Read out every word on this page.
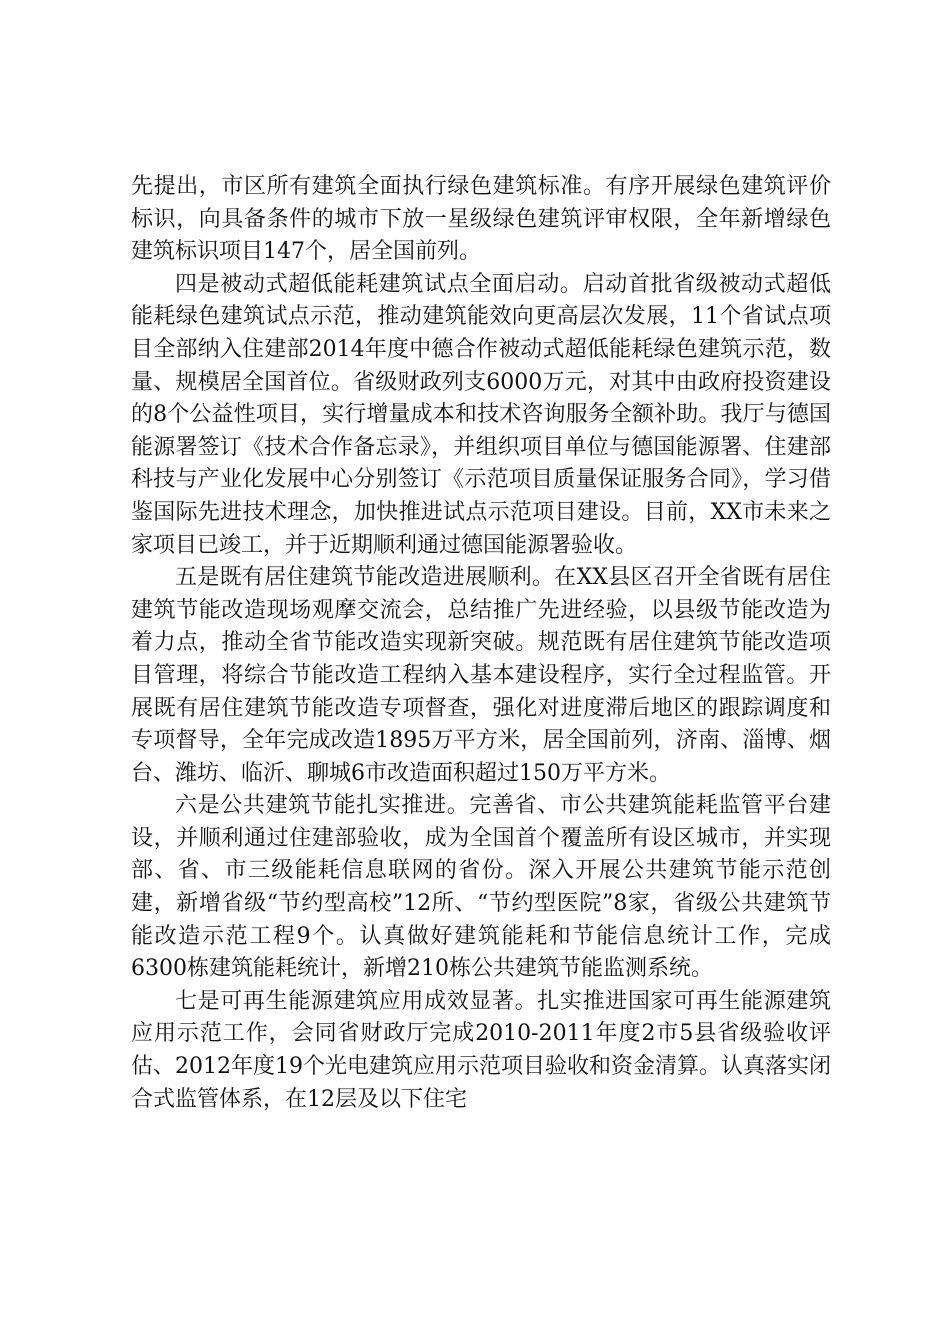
先提出，市区所有建筑全面执行绿色建筑标准。有序开展绿色建筑评价标识，向具备条件的城市下放一星级绿色建筑评审权限，全年新增绿色建筑标识项目147个，居全国前列。

四是被动式超低能耗建筑试点全面启动。启动首批省级被动式超低能耗绿色建筑试点示范，推动建筑能效向更高层次发展，11个省试点项目全部纳入住建部2014年度中德合作被动式超低能耗绿色建筑示范，数量、规模居全国首位。省级财政列支6000万元，对其中由政府投资建设的8个公益性项目，实行增量成本和技术咨询服务全额补助。我厅与德国能源署签订《技术合作备忘录》，并组织项目单位与德国能源署、住建部科技与产业化发展中心分别签订《示范项目质量保证服务合同》，学习借鉴国际先进技术理念，加快推进试点示范项目建设。目前，XX市未来之家项目已竣工，并于近期顺利通过德国能源署验收。

五是既有居住建筑节能改造进展顺利。在XX县区召开全省既有居住建筑节能改造现场观摩交流会，总结推广先进经验，以县级节能改造为着力点，推动全省节能改造实现新突破。规范既有居住建筑节能改造项目管理，将综合节能改造工程纳入基本建设程序，实行全过程监管。开展既有居住建筑节能改造专项督查，强化对进度滞后地区的跟踪调度和专项督导，全年完成改造1895万平方米，居全国前列，济南、淄博、烟台、潍坊、临沂、聊城6市改造面积超过150万平方米。

六是公共建筑节能扎实推进。完善省、市公共建筑能耗监管平台建设，并顺利通过住建部验收，成为全国首个覆盖所有设区城市，并实现部、省、市三级能耗信息联网的省份。深入开展公共建筑节能示范创建，新增省级“节约型高校”12所、“节约型医院”8家，省级公共建筑节能改造示范工程9个。认真做好建筑能耗和节能信息统计工作，完成6300栋建筑能耗统计，新增210栋公共建筑节能监测系统。

七是可再生能源建筑应用成效显著。扎实推进国家可再生能源建筑应用示范工作，会同省财政厅完成2010-2011年度2市5县省级验收评估、2012年度19个光电建筑应用示范项目验收和资金清算。认真落实闭合式监管体系，在12层及以下住宅
